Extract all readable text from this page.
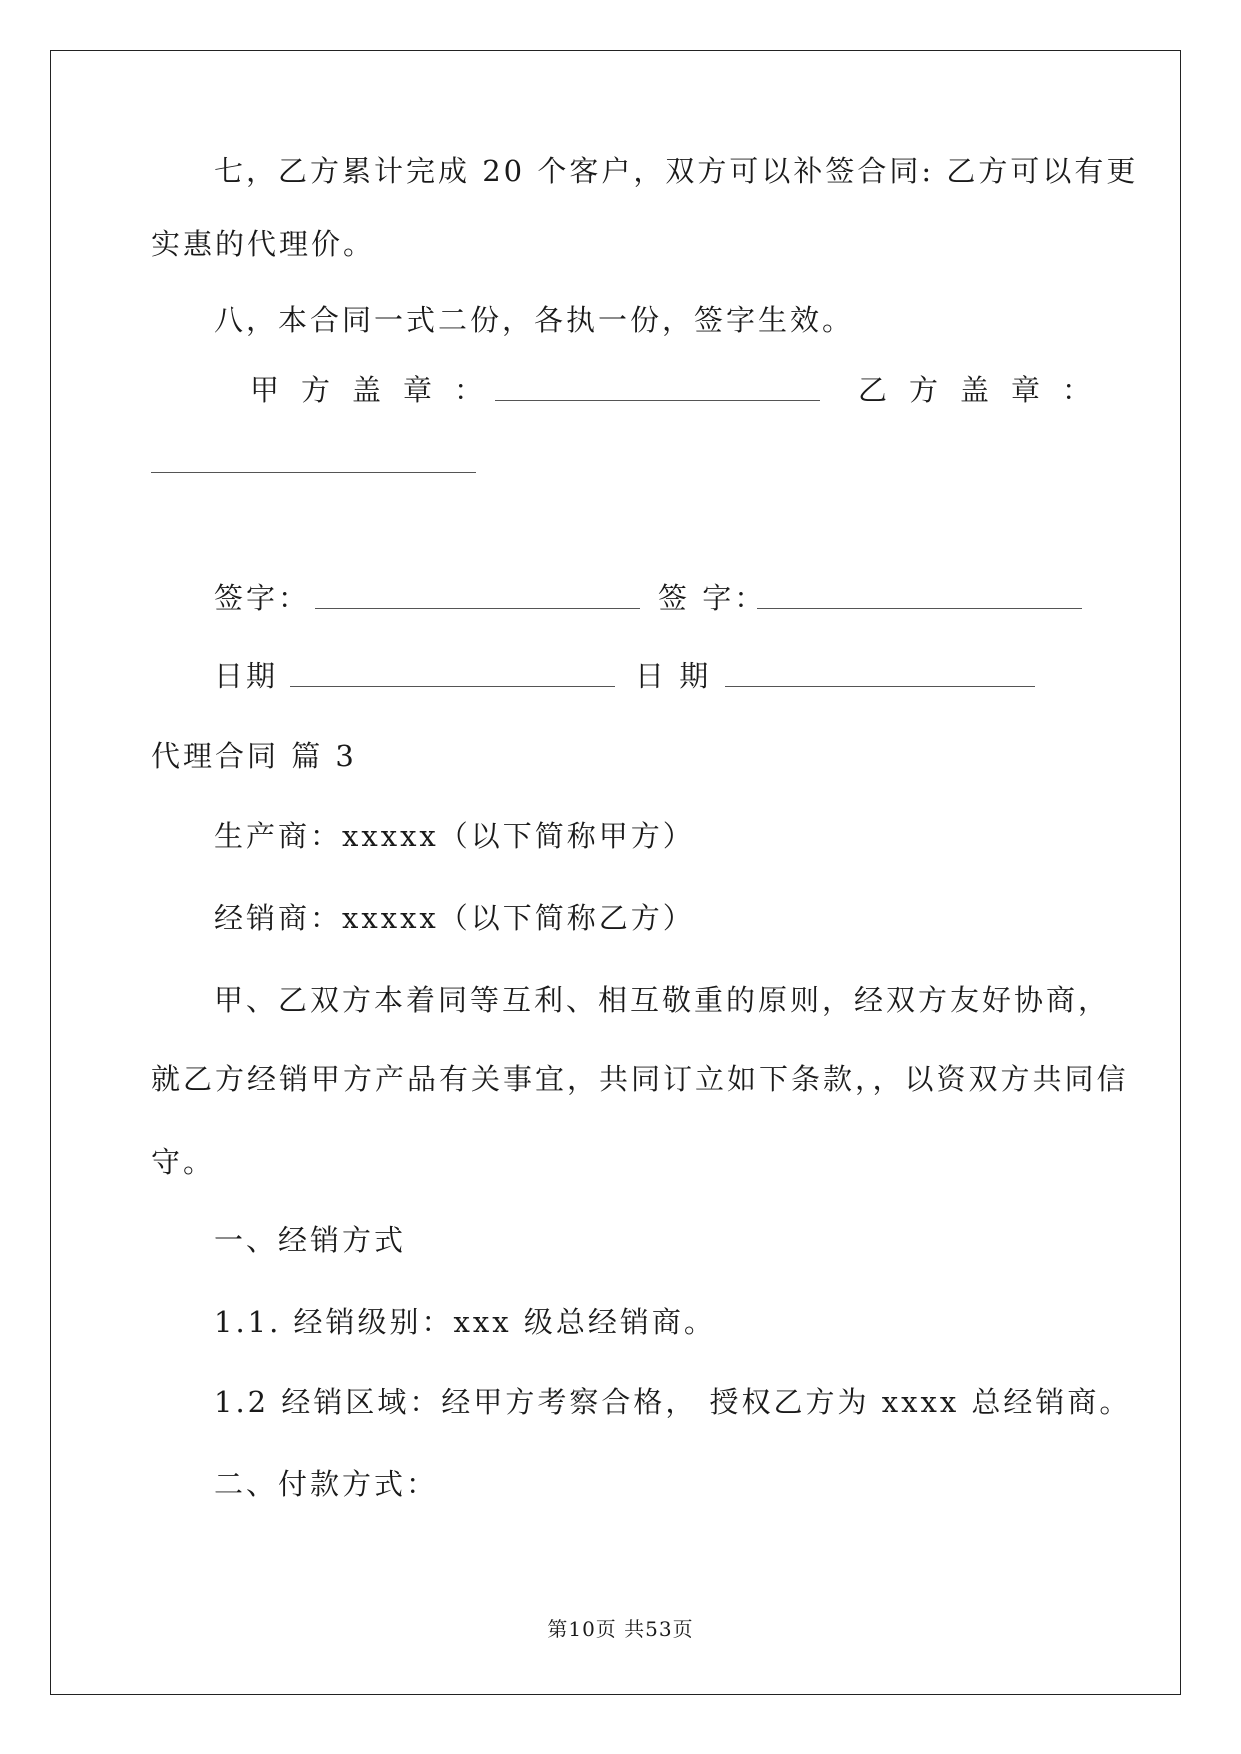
七，乙方累计完成 20 个客户，双方可以补签合同: 乙方可以有更
实惠的代理价。
八，本合同一式二份，各执一份，签字生效。
甲方盖章：	乙方盖章：
签字：	签 字：
日期	日 期
代理合同 篇 3
生产商：xxxxx（以下简称甲方）
经销商：xxxxx（以下简称乙方）
甲、乙双方本着同等互利、相互敬重的原则，经双方友好协商，
就乙方经销甲方产品有关事宜，共同订立如下条款，，以资双方共同信
守。
一、经销方式
1.1. 经销级别：xxx 级总经销商。
1.2 经销区域：经甲方考察合格， 授权乙方为 xxxx 总经销商。
二、付款方式：
第10页 共53页
